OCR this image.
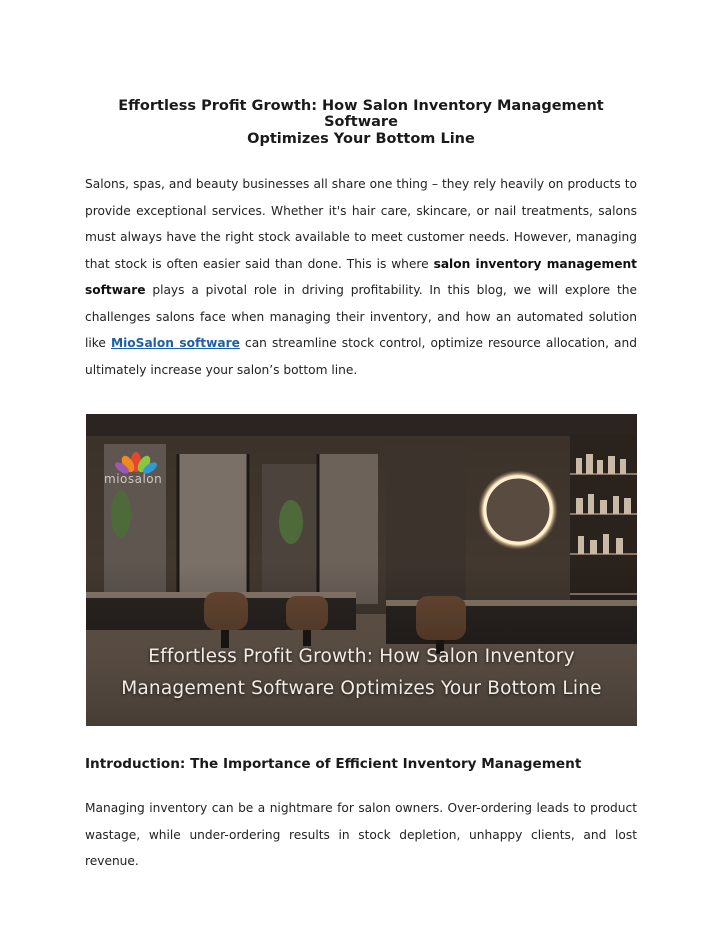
Effortless Profit Growth: How Salon Inventory Management Software
Optimizes Your Bottom Line

Salons, spas, and beauty businesses all share one thing – they rely heavily on products to provide exceptional services. Whether it's hair care, skincare, or nail treatments, salons must always have the right stock available to meet customer needs. However, managing that stock is often easier said than done. This is where salon inventory management software plays a pivotal role in driving profitability. In this blog, we will explore the challenges salons face when managing their inventory, and how an automated solution like MioSalon software can streamline stock control, optimize resource allocation, and ultimately increase your salon’s bottom line.

miosalon
Effortless Profit Growth: How Salon Inventory
Management Software Optimizes Your Bottom Line
Introduction: The Importance of Efficient Inventory Management

Managing inventory can be a nightmare for salon owners. Over-ordering leads to product wastage, while under-ordering results in stock depletion, unhappy clients, and lost revenue.
